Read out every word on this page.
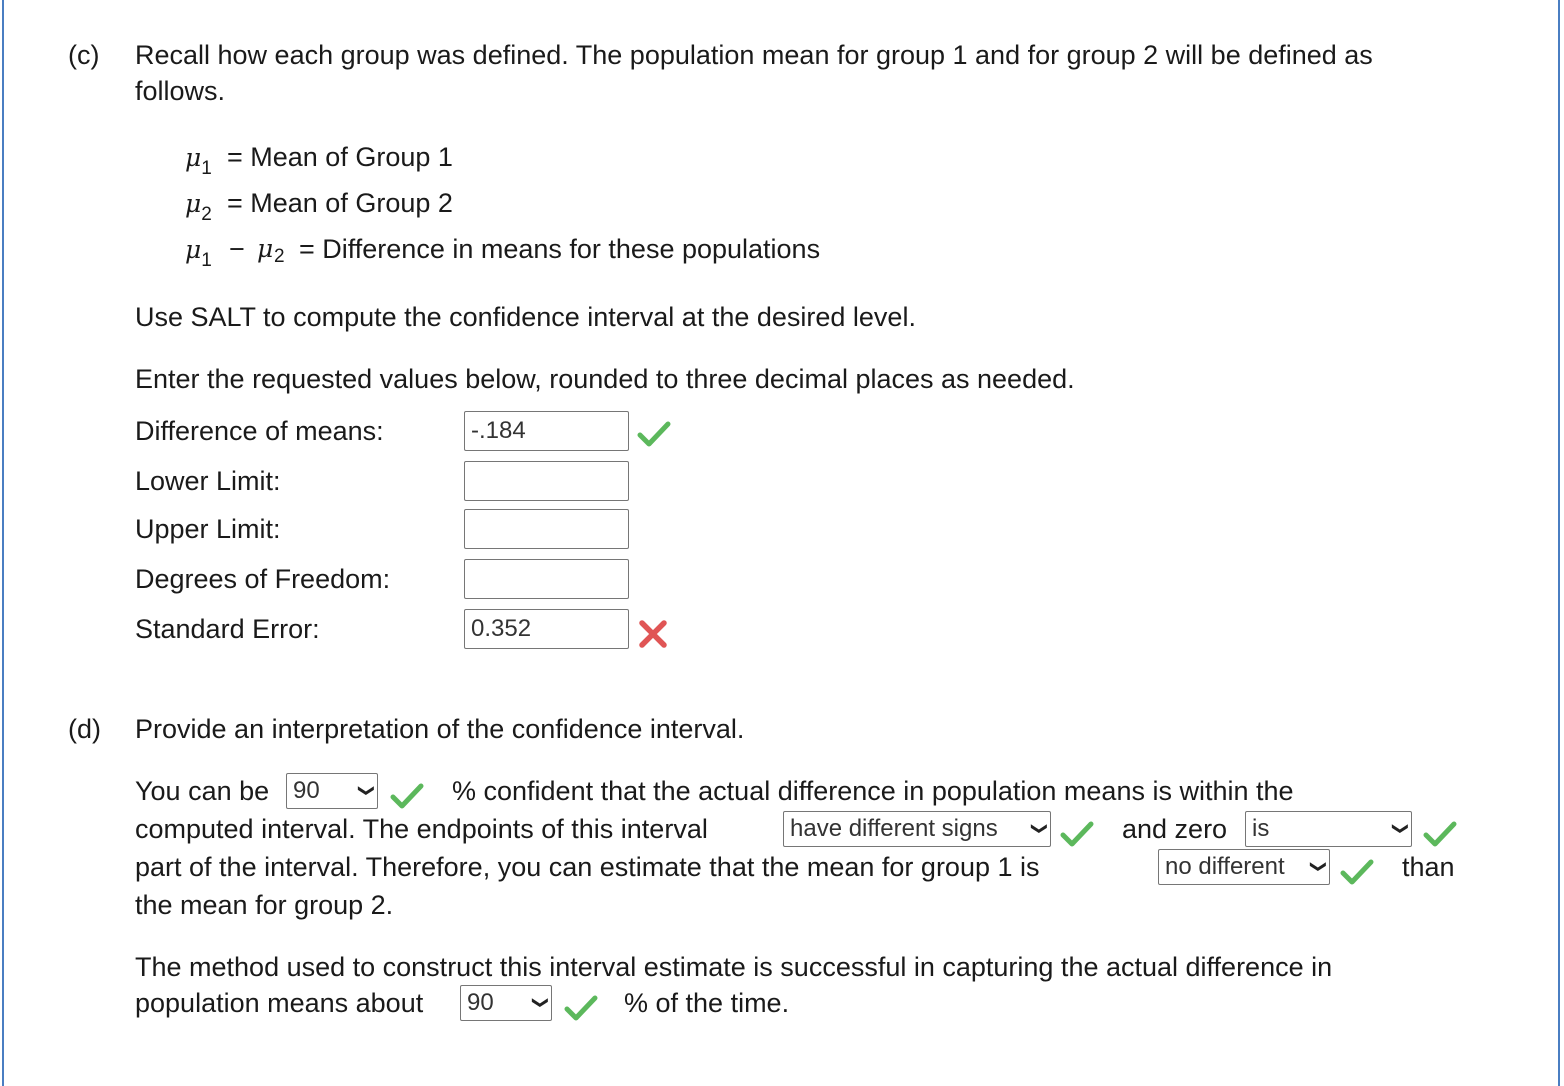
(c) Recall how each group was defined. The population mean for group 1 and for group 2 will be defined as
follows.
$\mu_1$ = Mean of Group 1
$\mu_2$ = Mean of Group 2
$\mu_1 - \mu$ 2 = Difference in means for these populations
Use SALT to compute the confidence interval at the desired level.
Enter the requested values below, rounded to three decimal places as needed.
Difference of means:	-.184
Lower Limit:
Upper Limit:
Degrees of Freedom:
Standard Error:	0.352
(d) Provide an interpretation of the confidence interval.
You can be 90	❮	% confident that the actual difference in population means is within the
computed interval. The endpoints of this interval	have different signs	❮	and zero is	❮
part of the interval. Therefore, you can estimate that the mean for group 1 is	no different	❮	than
the mean for group 2.
The method used to construct this interval estimate is successful in capturing the actual difference in
population means about 90	❮	% of the time.
